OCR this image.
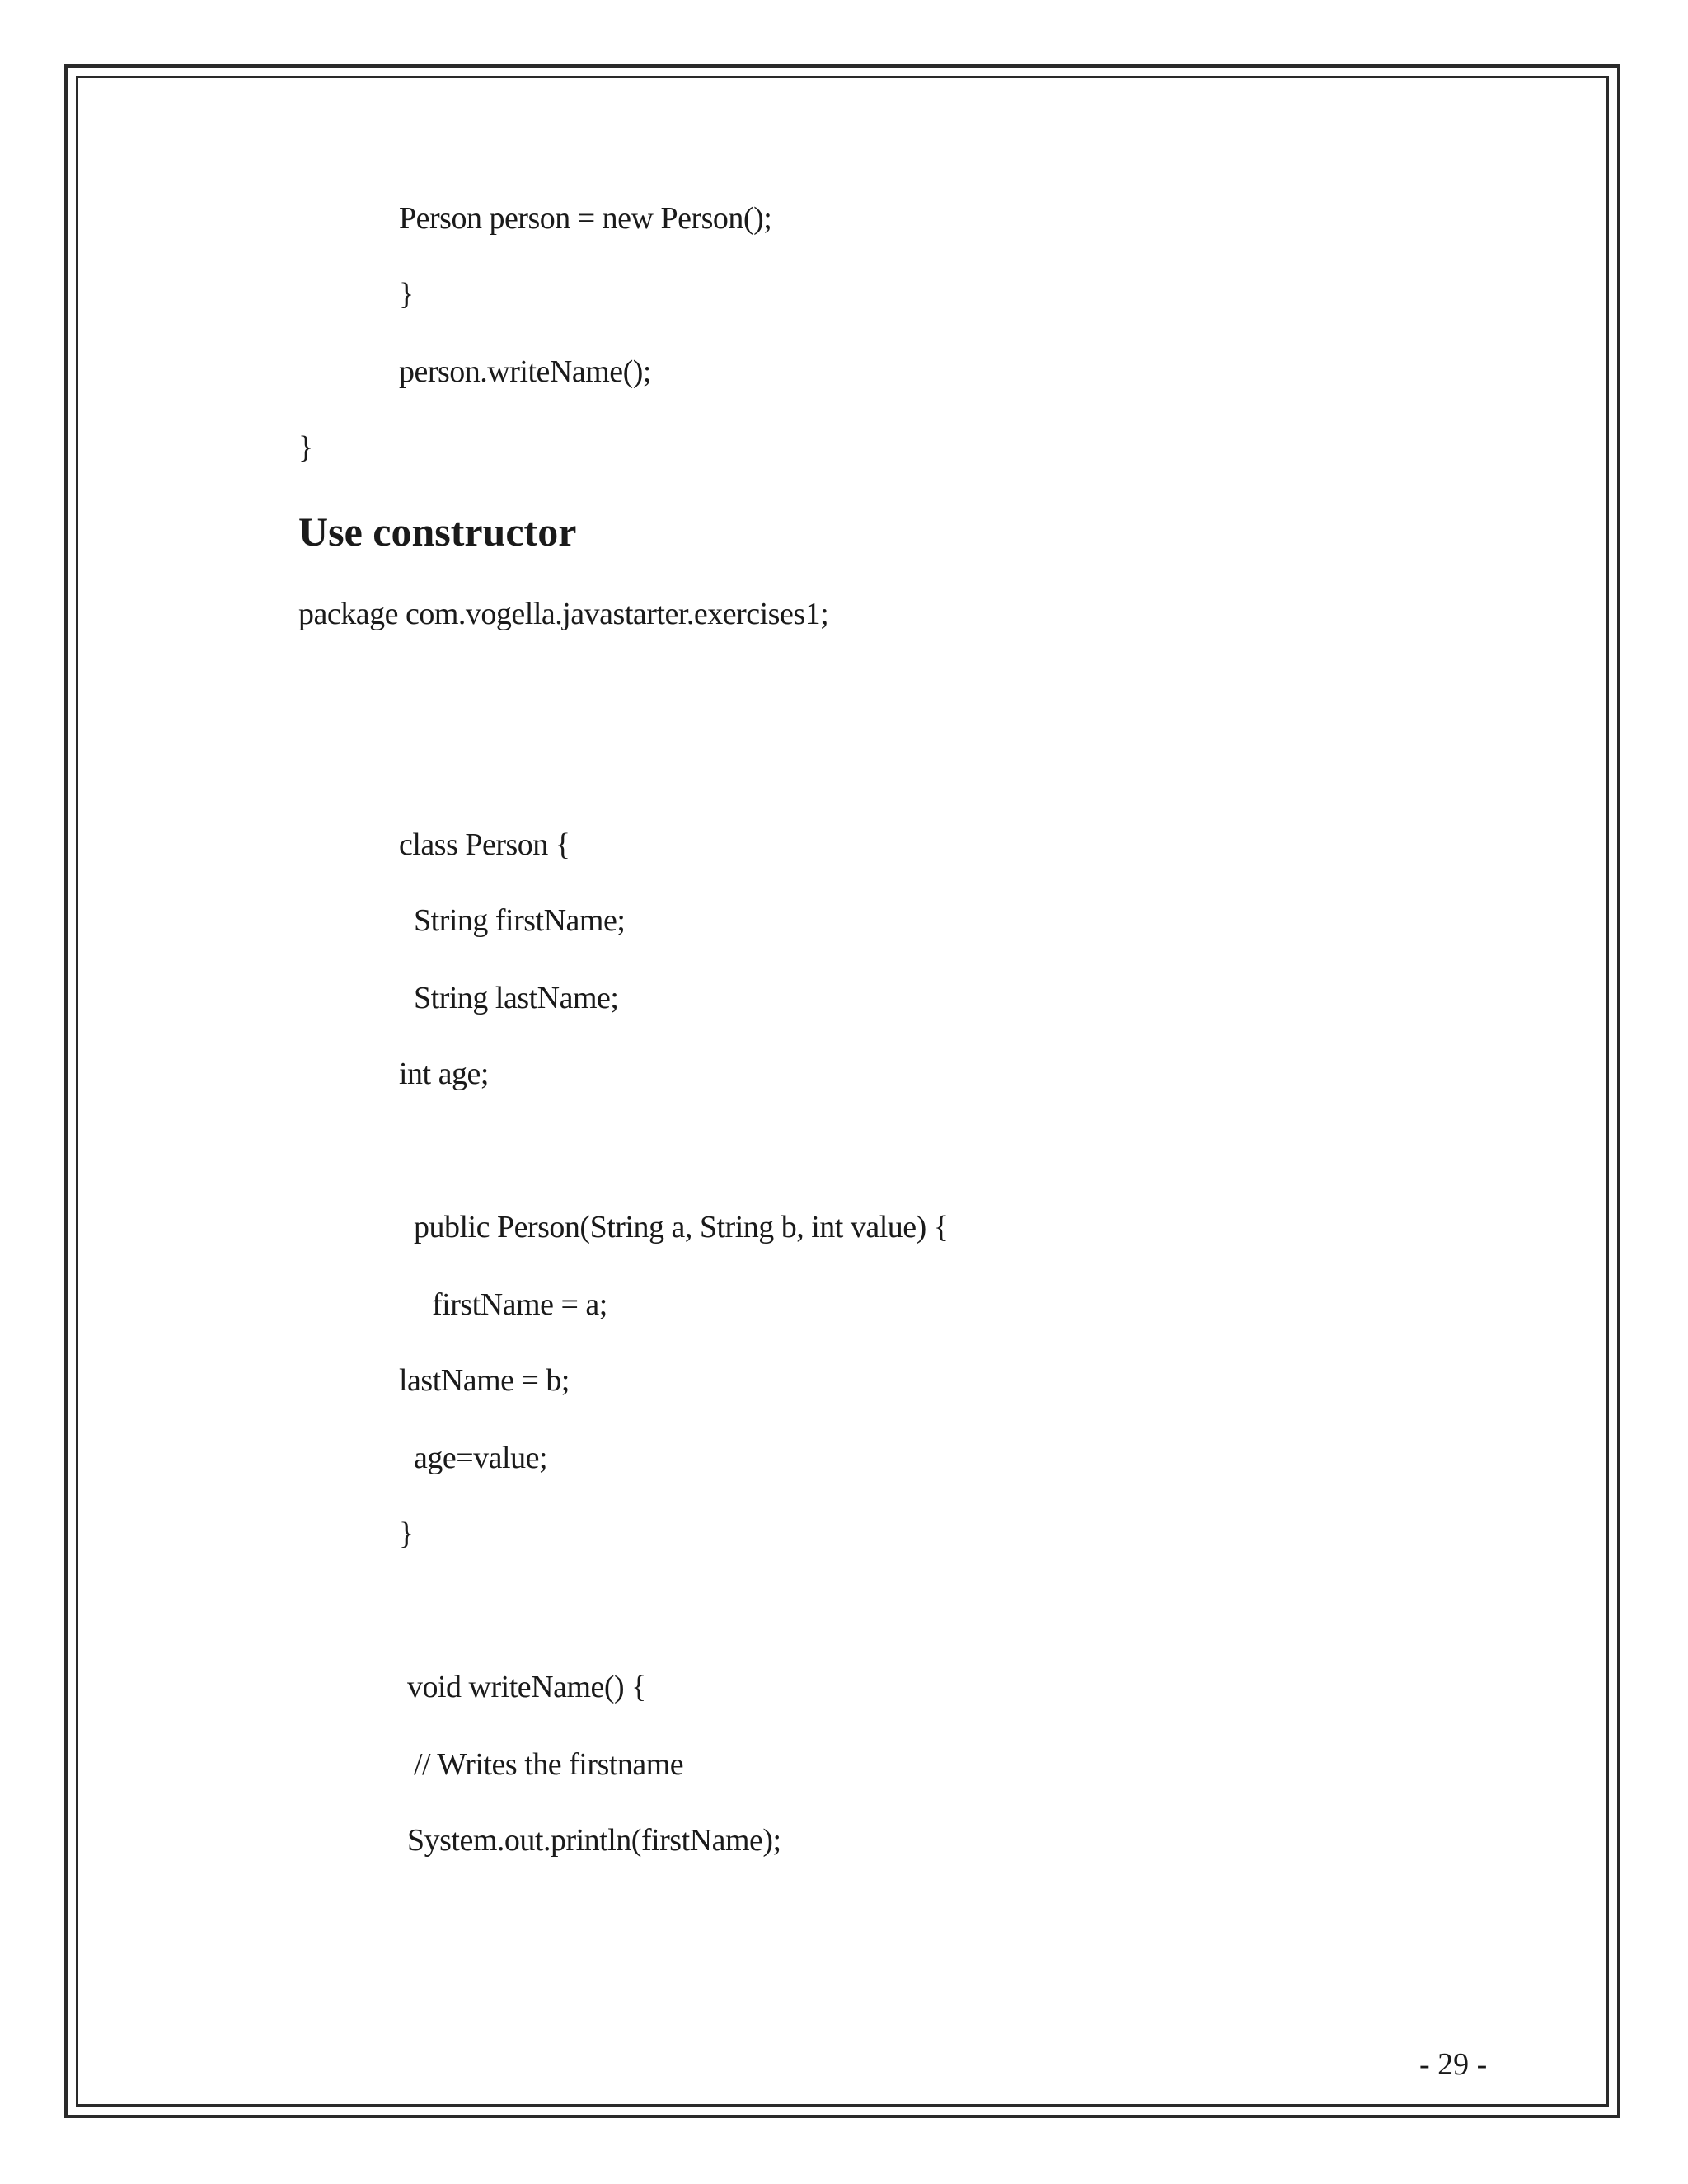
Person person = new Person();
}
person.writeName();
}
Use constructor
package com.vogella.javastarter.exercises1;
class Person {
String firstName;
String lastName;
int age;
public Person(String a, String b, int value) {
firstName = a;
lastName = b;
age=value;
}
void writeName() {
// Writes the firstname
System.out.println(firstName);
- 29 -
